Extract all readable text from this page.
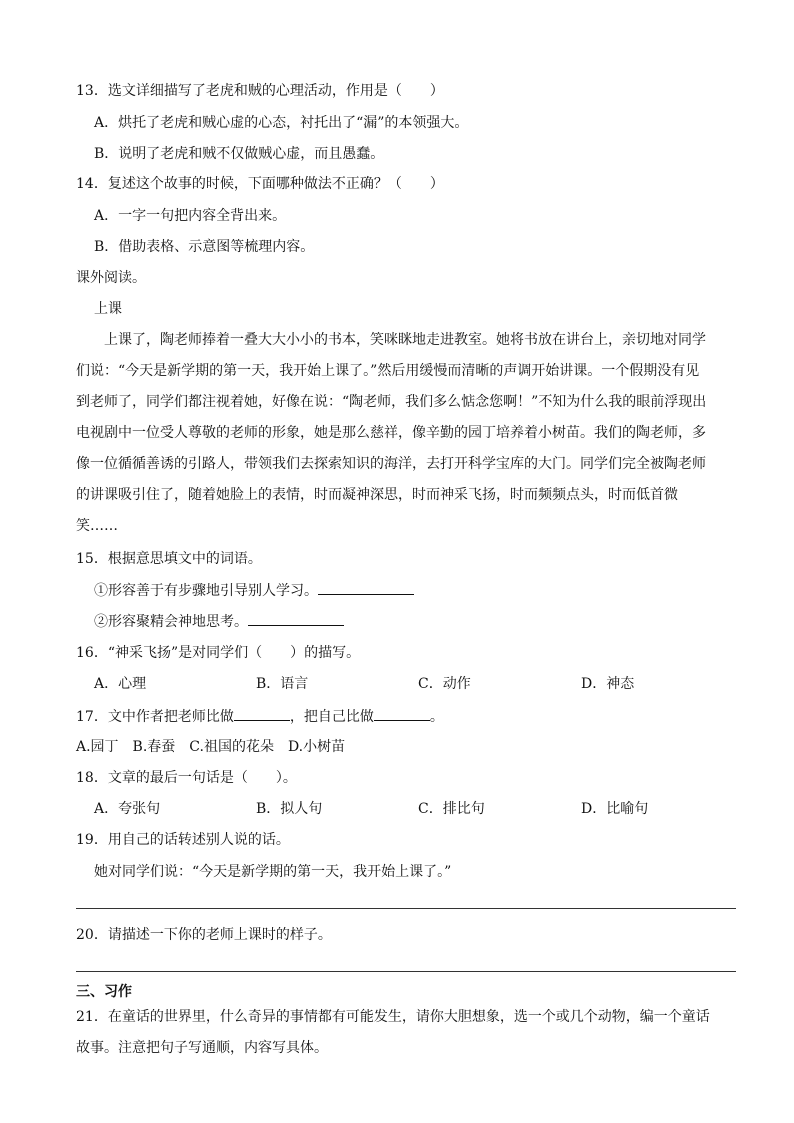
13．选文详细描写了老虎和贼的心理活动，作用是（　　）
A．烘托了老虎和贼心虚的心态，衬托出了“漏”的本领强大。
B．说明了老虎和贼不仅做贼心虚，而且愚蠢。
14．复述这个故事的时候，下面哪种做法不正确？（　　）
A．一字一句把内容全背出来。
B．借助表格、示意图等梳理内容。
课外阅读。
上课
上课了，陶老师捧着一叠大大小小的书本，笑咪眯地走进教室。她将书放在讲台上，亲切地对同学
们说：“今天是新学期的第一天，我开始上课了。”然后用缓慢而清晰的声调开始讲课。一个假期没有见
到老师了，同学们都注视着她，好像在说：“陶老师，我们多么惦念您啊！”不知为什么我的眼前浮现出
电视剧中一位受人尊敬的老师的形象，她是那么慈祥，像辛勤的园丁培养着小树苗。我们的陶老师，多
像一位循循善诱的引路人，带领我们去探索知识的海洋，去打开科学宝库的大门。同学们完全被陶老师
的讲课吸引住了，随着她脸上的表情，时而凝神深思，时而神采飞扬，时而频频点头，时而低首微
笑……
15．根据意思填文中的词语。
①形容善于有步骤地引导别人学习。
②形容聚精会神地思考。
16．“神采飞扬”是对同学们（　　）的描写。
A．心理	B．语言	C．动作	D．神态
17．文中作者把老师比做	，把自己比做	。
A.园丁　B.春蚕　C.祖国的花朵　D.小树苗
18．文章的最后一句话是（　　）。
A．夸张句	B．拟人句	C．排比句	D．比喻句
19．用自己的话转述别人说的话。
她对同学们说：“今天是新学期的第一天，我开始上课了。”
20．请描述一下你的老师上课时的样子。
三、习作
21．在童话的世界里，什么奇异的事情都有可能发生，请你大胆想象，选一个或几个动物，编一个童话
故事。注意把句子写通顺，内容写具体。
